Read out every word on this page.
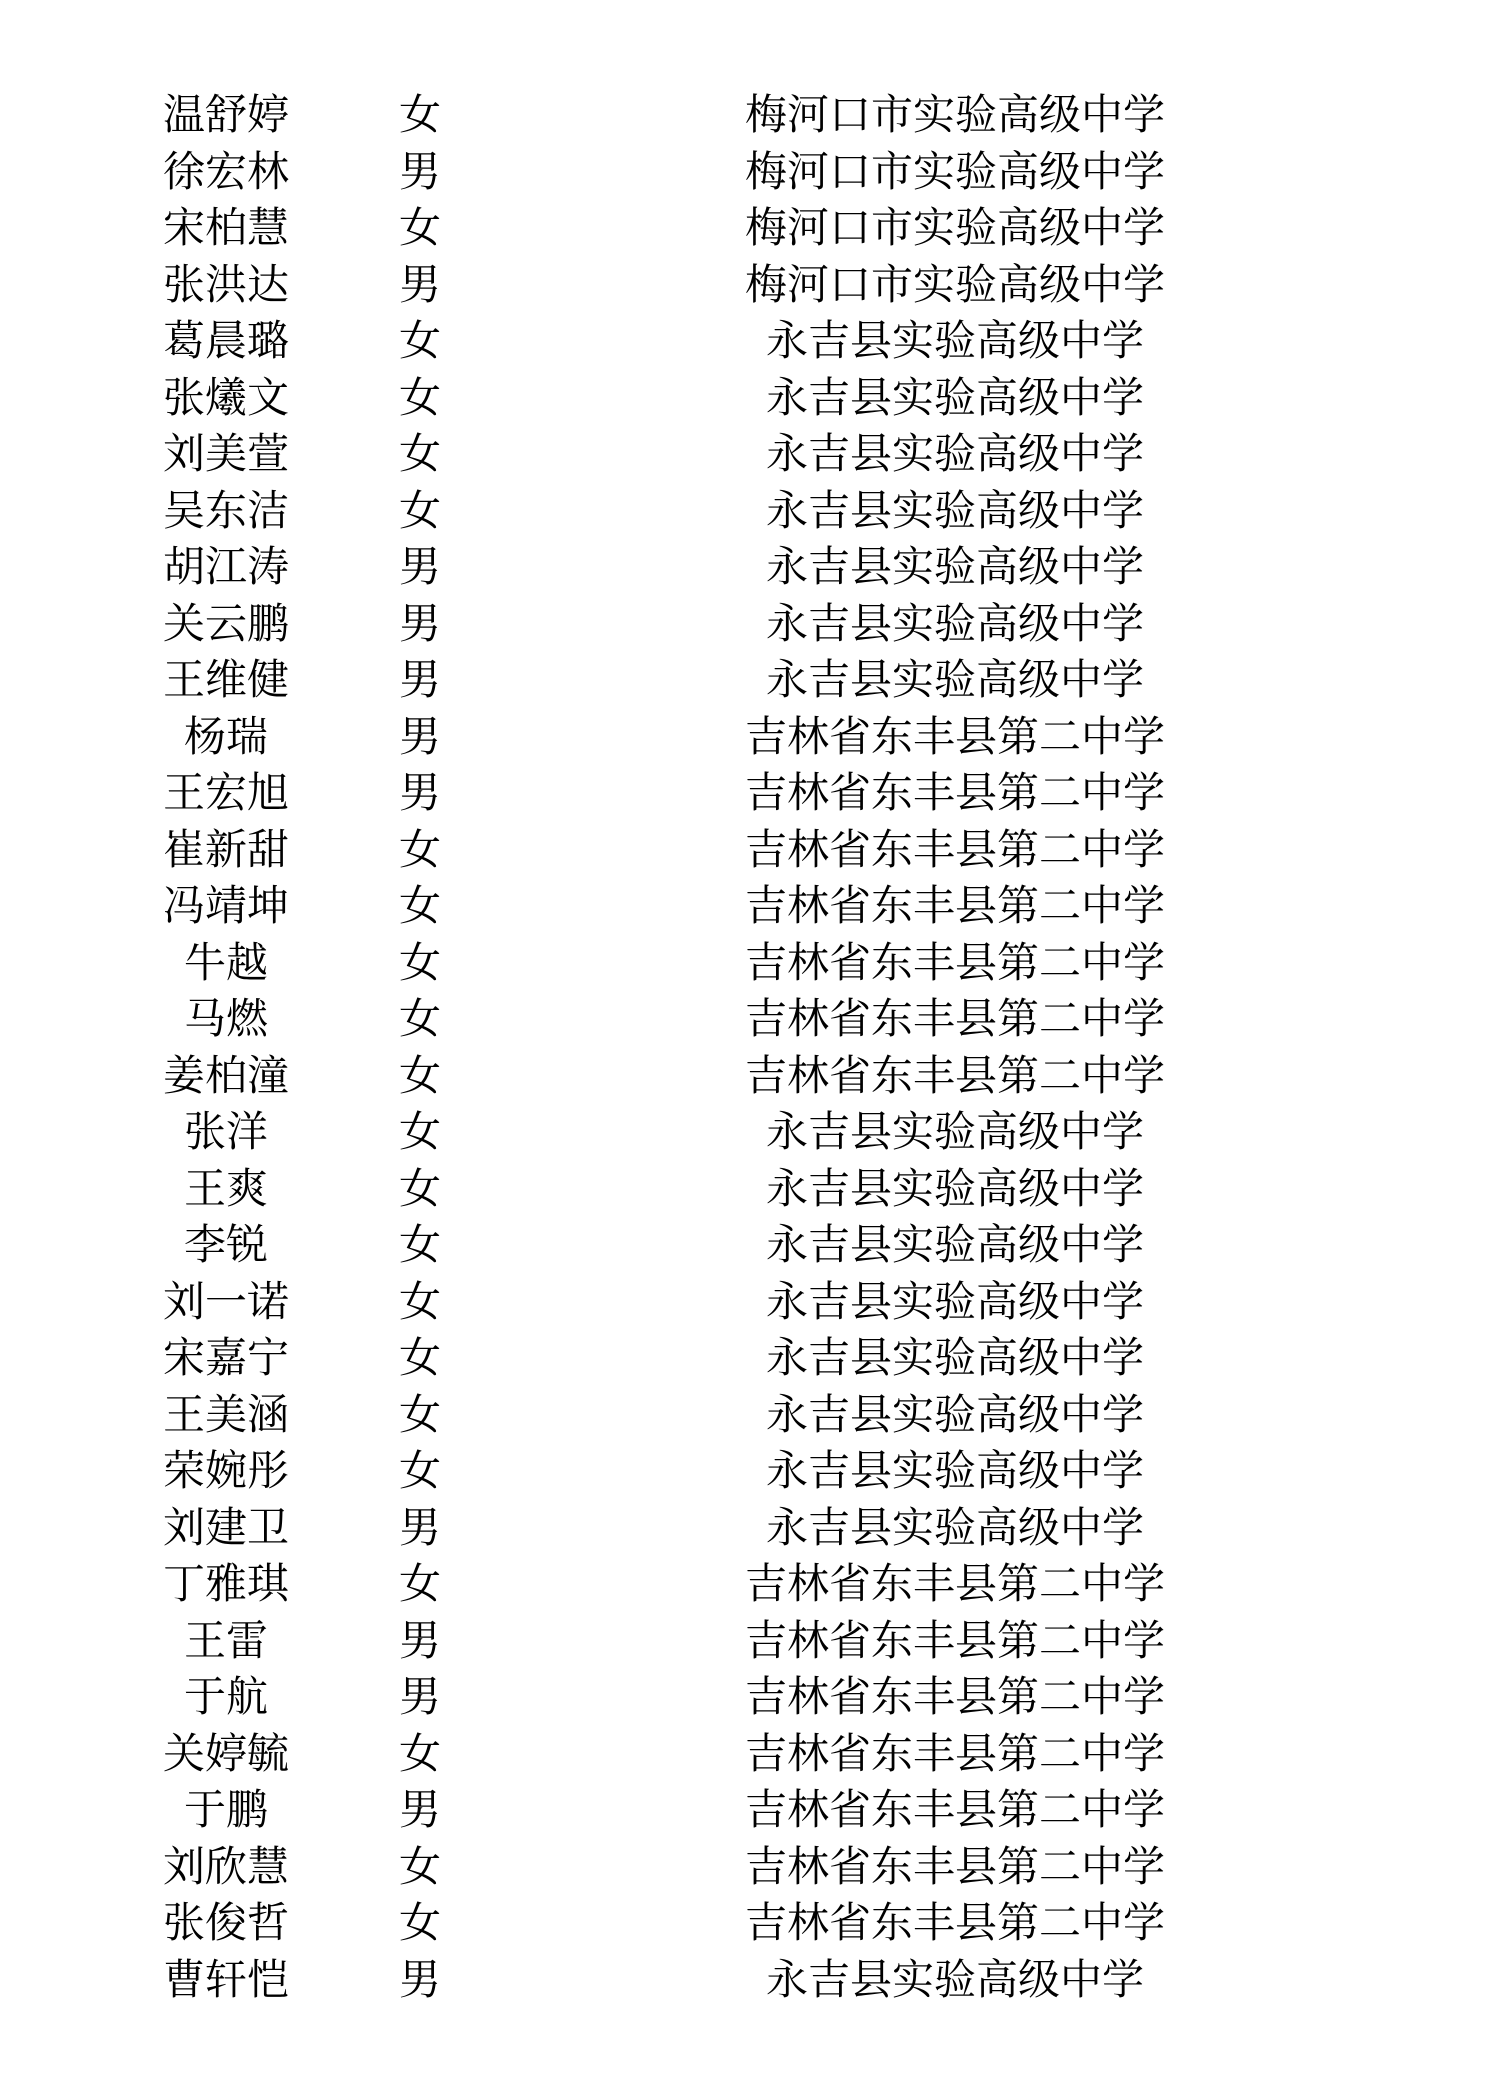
温舒婷	女	梅河口市实验高级中学
徐宏林	男	梅河口市实验高级中学
宋柏慧	女	梅河口市实验高级中学
张洪达	男	梅河口市实验高级中学
葛晨璐	女	永吉县实验高级中学
张爔文	女	永吉县实验高级中学
刘美萱	女	永吉县实验高级中学
吴东洁	女	永吉县实验高级中学
胡江涛	男	永吉县实验高级中学
关云鹏	男	永吉县实验高级中学
王维健	男	永吉县实验高级中学
杨瑞	男	吉林省东丰县第二中学
王宏旭	男	吉林省东丰县第二中学
崔新甜	女	吉林省东丰县第二中学
冯靖坤	女	吉林省东丰县第二中学
牛越	女	吉林省东丰县第二中学
马燃	女	吉林省东丰县第二中学
姜柏潼	女	吉林省东丰县第二中学
张洋	女	永吉县实验高级中学
王爽	女	永吉县实验高级中学
李锐	女	永吉县实验高级中学
刘一诺	女	永吉县实验高级中学
宋嘉宁	女	永吉县实验高级中学
王美涵	女	永吉县实验高级中学
荣婉彤	女	永吉县实验高级中学
刘建卫	男	永吉县实验高级中学
丁雅琪	女	吉林省东丰县第二中学
王雷	男	吉林省东丰县第二中学
于航	男	吉林省东丰县第二中学
关婷毓	女	吉林省东丰县第二中学
于鹏	男	吉林省东丰县第二中学
刘欣慧	女	吉林省东丰县第二中学
张俊哲	女	吉林省东丰县第二中学
曹轩恺	男	永吉县实验高级中学
